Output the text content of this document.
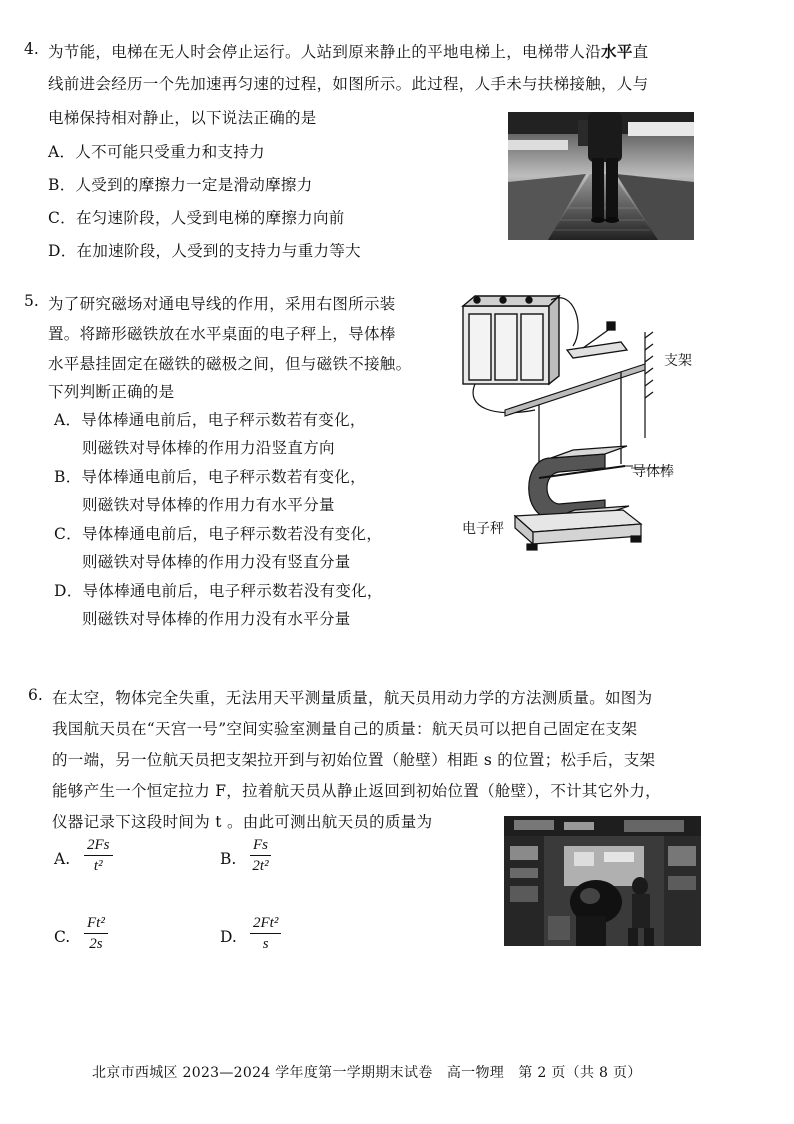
4. 为节能，电梯在无人时会停止运行。人站到原来静止的平地电梯上，电梯带人沿水平直
线前进会经历一个先加速再匀速的过程，如图所示。此过程，人手未与扶梯接触，人与
电梯保持相对静止，以下说法正确的是
A．人不可能只受重力和支持力
B．人受到的摩擦力一定是滑动摩擦力
C．在匀速阶段，人受到电梯的摩擦力向前
D．在加速阶段，人受到的支持力与重力等大
5. 为了研究磁场对通电导线的作用，采用右图所示装
置。将蹄形磁铁放在水平桌面的电子秤上，导体棒
水平悬挂固定在磁铁的磁极之间，但与磁铁不接触。
下列判断正确的是
A．导体棒通电前后，电子秤示数若有变化，
则磁铁对导体棒的作用力沿竖直方向
B．导体棒通电前后，电子秤示数若有变化，
则磁铁对导体棒的作用力有水平分量
C．导体棒通电前后，电子秤示数若没有变化，
则磁铁对导体棒的作用力没有竖直分量
D．导体棒通电前后，电子秤示数若没有变化，
则磁铁对导体棒的作用力没有水平分量
支架
导体棒
电子秤
6. 在太空，物体完全失重，无法用天平测量质量，航天员用动力学的方法测质量。如图为
我国航天员在“天宫一号”空间实验室测量自己的质量：航天员可以把自己固定在支架
的一端，另一位航天员把支架拉开到与初始位置（舱壁）相距 s 的位置；松手后，支架
能够产生一个恒定拉力 F，拉着航天员从静止返回到初始位置（舱壁），不计其它外力，
仪器记录下这段时间为 t 。由此可测出航天员的质量为
A. $\frac{2Fs}{\text{t²}}$	B. $\frac{Fs}{\text{2t²}}$
C. $\frac{\text{Ft²}}{2s}$	D. $\frac{\text{2Ft²}}{s}$
北京市西城区 2023—2024 学年度第一学期期末试卷　高一物理　第 2 页（共 8 页）
